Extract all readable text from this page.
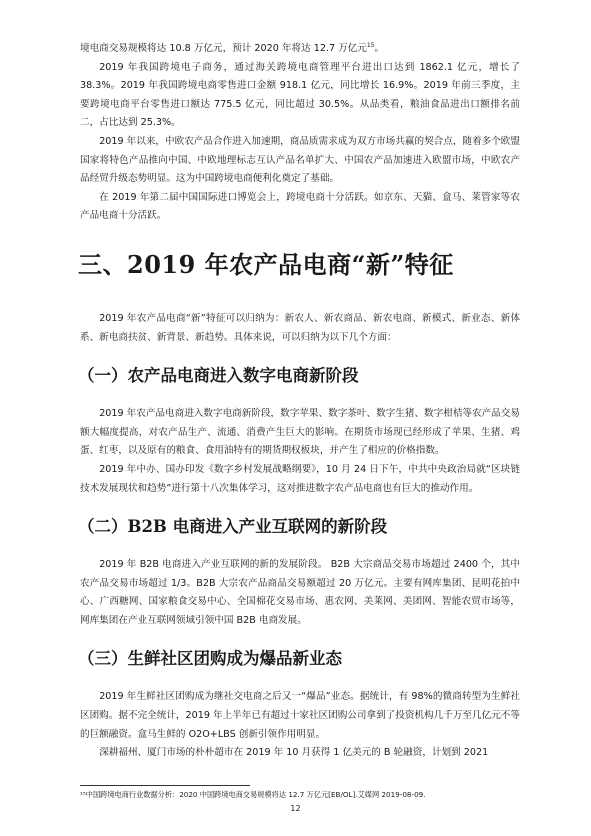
境电商交易规模将达 10.8 万亿元，预计 2020 年将达 12.7 万亿元$^{15}$。

2019 年我国跨境电子商务，通过海关跨境电商管理平台进出口达到 1862.1 亿元，增长了 38.3%。2019 年我国跨境电商零售进口金额 918.1 亿元，同比增长 16.9%。2019 年前三季度，主要跨境电商平台零售进口额达 775.5 亿元，同比超过 30.5%。从品类看，粮油食品进出口额排名前二，占比达到 25.3%。

2019 年以来，中欧农产品合作进入加速期，商品质需求成为双方市场共赢的契合点，随着多个欧盟国家将特色产品推向中国、中欧地理标志互认产品名单扩大、中国农产品加速进入欧盟市场，中欧农产品经贸升级态势明显。这为中国跨境电商便利化奠定了基础。

在 2019 年第二届中国国际进口博览会上，跨境电商十分活跃。如京东、天猫、盒马、莱管家等农产品电商十分活跃。

三、2019 年农产品电商“新”特征

2019 年农产品电商“新”特征可以归纳为：新农人、新农商品、新农电商、新模式、新业态、新体系、新电商扶贫、新背景、新趋势。具体来说，可以归纳为以下几个方面：

（一）农产品电商进入数字电商新阶段

2019 年农产品电商进入数字电商新阶段，数字苹果、数字茶叶、数字生猪、数字柑桔等农产品交易额大幅度提高，对农产品生产、流通、消费产生巨大的影响。在期货市场现已经形成了苹果、生猪、鸡蛋、红枣，以及原有的粮食、食用油特有的期货期权板块，并产生了相应的价格指数。

2019 年中办、国办印发《数字乡村发展战略纲要》，10 月 24 日下午，中共中央政治局就“区块链技术发展现状和趋势”进行第十八次集体学习，这对推进数字农产品电商也有巨大的推动作用。

（二）B2B 电商进入产业互联网的新阶段

2019 年 B2B 电商进入产业互联网的新的发展阶段。 B2B 大宗商品交易市场超过 2400 个，其中农产品交易市场超过 1/3。B2B 大宗农产品商品交易额超过 20 万亿元。主要有网库集团、昆明花拍中心、广西糖网、国家粮食交易中心、全国棉花交易市场、惠农网、美莱网、美团网、智能农贸市场等，网库集团在产业互联网领域引领中国 B2B 电商发展。

（三）生鲜社区团购成为爆品新业态

2019 年生鲜社区团购成为继社交电商之后又一“爆品”业态。据统计，有 98%的微商转型为生鲜社区团购。据不完全统计，2019 年上半年已有超过十家社区团购公司拿到了投资机构几千万至几亿元不等的巨额融资。盒马生鲜的 O2O+LBS 创新引领作用明显。

深耕福州、厦门市场的朴朴超市在 2019 年 10 月获得 1 亿美元的 B 轮融资，计划到 2021

¹⁵中国跨境电商行业数据分析：2020 中国跨境电商交易规模将达 12.7 万亿元[EB/OL].艾媒网 2019-08-09.
12
